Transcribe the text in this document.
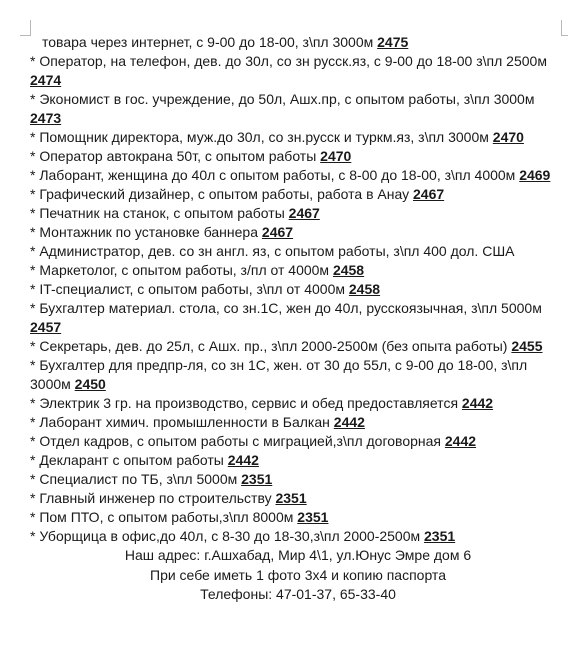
товара через интернет, с 9-00 до 18-00, з\пл 3000м 2475

* Оператор, на телефон, дев. до 30л, со зн русск.яз, с 9-00 до 18-00 з\пл 2500м 2474

* Экономист в гос. учреждение, до 50л, Ашх.пр, с опытом работы, з\пл 3000м 2473

* Помощник директора, муж.до 30л, со зн.русск и туркм.яз, з\пл 3000м 2470

* Оператор автокрана 50т, с опытом работы 2470

* Лаборант, женщина до 40л с опытом работы, с 8-00 до 18-00, з\пл 4000м 2469

* Графический дизайнер, с опытом работы, работа в Анау 2467

* Печатник на станок, с опытом работы 2467

* Монтажник по установке баннера 2467

* Администратор, дев. со зн англ. яз, с опытом работы, з\пл 400 дол. США

* Маркетолог, с опытом работы, з/пл от 4000м 2458

* IT-специалист, с опытом работы, з\пл от 4000м 2458

* Бухгалтер материал. стола, со зн.1С, жен до 40л, русскоязычная, з\пл 5000м 2457

* Секретарь, дев. до 25л, с Ашх. пр., з\пл 2000-2500м (без опыта работы) 2455

* Бухгалтер для предпр-ля, со зн 1С, жен. от 30 до 55л, с 9-00 до 18-00, з\пл 3000м 2450

* Электрик 3 гр. на производство, сервис и обед предоставляется 2442

* Лаборант химич. промышленности в Балкан 2442

* Отдел кадров, с опытом работы с миграцией,з\пл договорная 2442

* Декларант с опытом работы 2442

* Специалист по ТБ, з\пл 5000м 2351

* Главный инженер по строительству 2351

* Пом ПТО, с опытом работы,з\пл 8000м 2351

* Уборщица в офис,до 40л, с 8-30 до 18-30,з\пл 2000-2500м 2351

Наш адрес: г.Ашхабад, Мир 4\1, ул.Юнус Эмре дом 6

При себе иметь 1 фото 3х4 и копию паспорта

Телефоны: 47-01-37, 65-33-40
